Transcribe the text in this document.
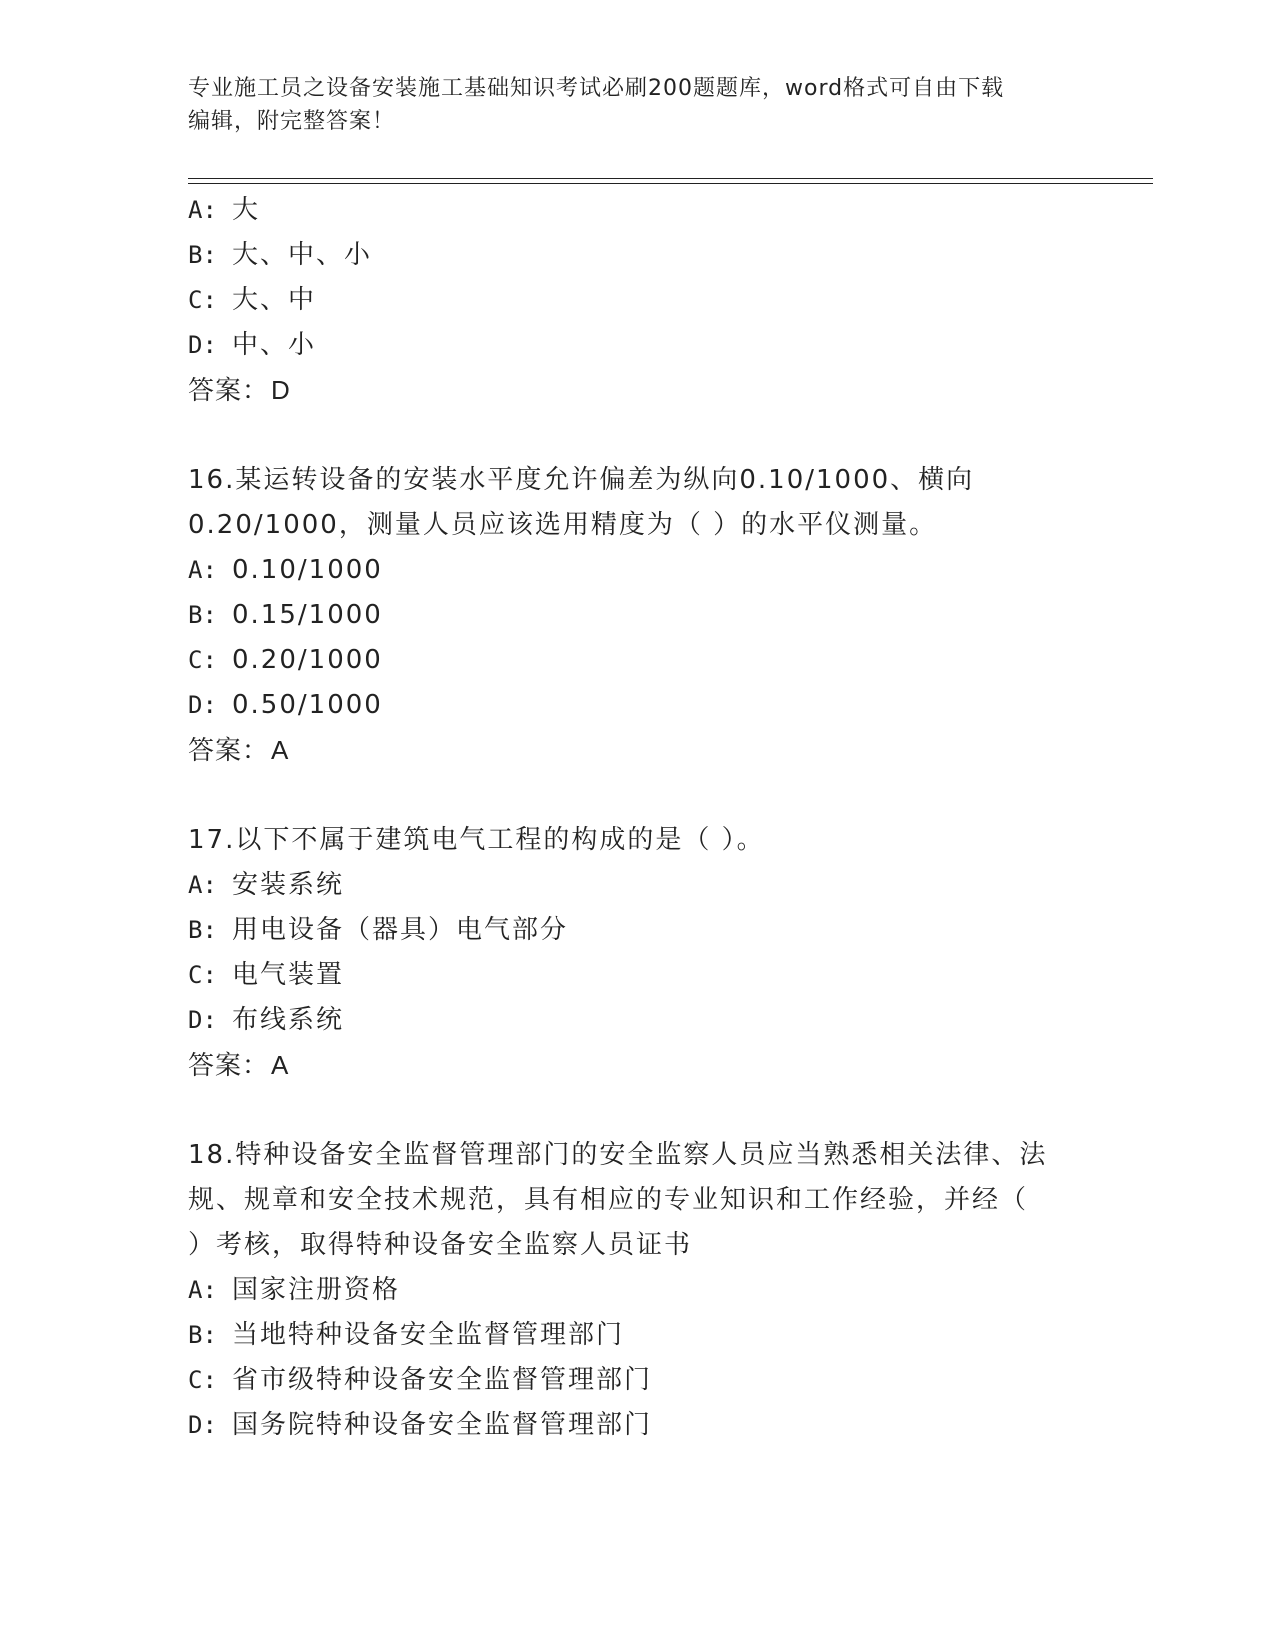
专业施工员之设备安装施工基础知识考试必刷200题题库，word格式可自由下载
编辑，附完整答案！
A: 大
B: 大、中、小
C: 大、中
D: 中、小
答案：D
16.某运转设备的安装水平度允许偏差为纵向0.10/1000、横向
0.20/1000，测量人员应该选用精度为（ ）的水平仪测量。
A: 0.10/1000
B: 0.15/1000
C: 0.20/1000
D: 0.50/1000
答案：A
17.以下不属于建筑电气工程的构成的是（ ）。
A: 安装系统
B: 用电设备（器具）电气部分
C: 电气装置
D: 布线系统
答案：A
18.特种设备安全监督管理部门的安全监察人员应当熟悉相关法律、法
规、规章和安全技术规范，具有相应的专业知识和工作经验，并经（
）考核，取得特种设备安全监察人员证书
A: 国家注册资格
B: 当地特种设备安全监督管理部门
C: 省市级特种设备安全监督管理部门
D: 国务院特种设备安全监督管理部门
